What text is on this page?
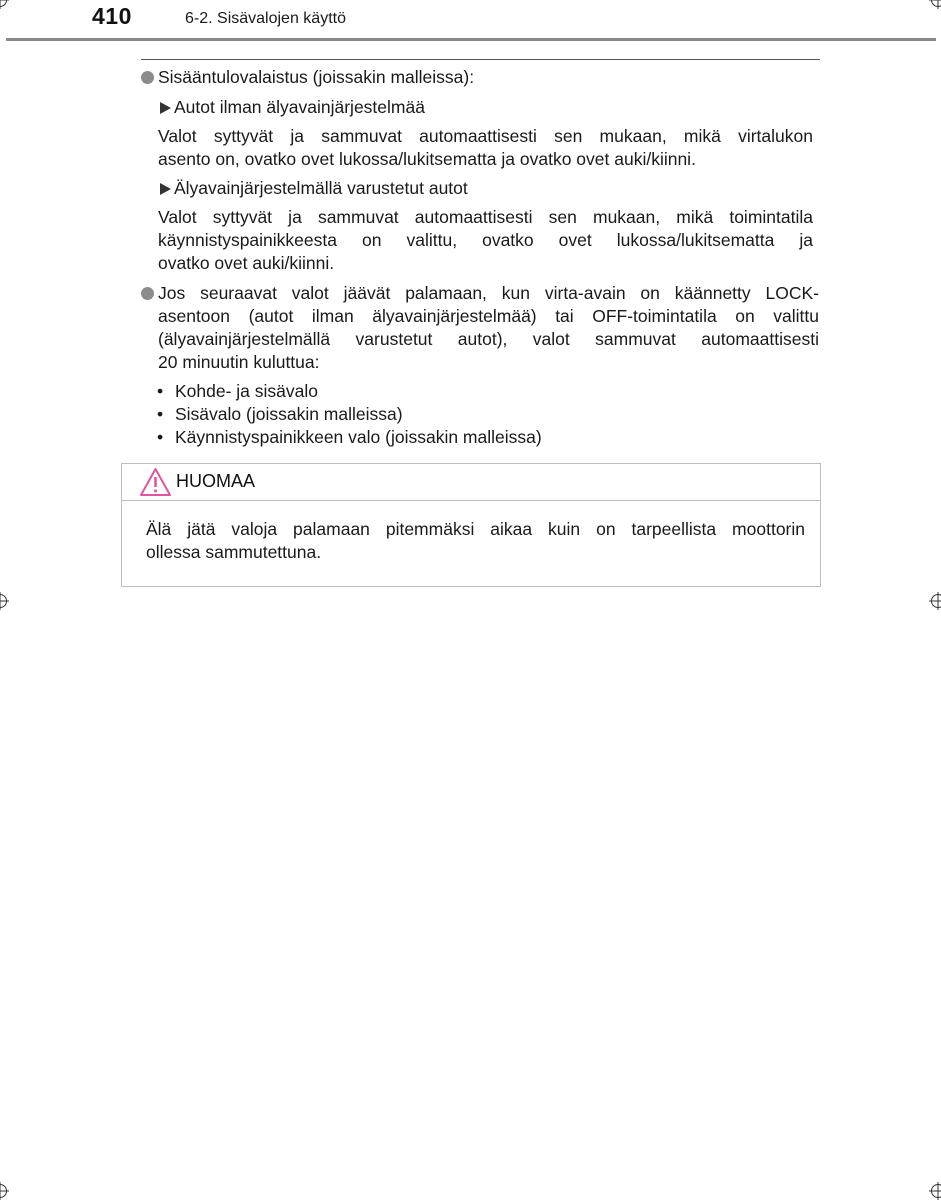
410	6-2. Sisävalojen käyttö
Sisääntulovalaistus (joissakin malleissa):
Autot ilman älyavainjärjestelmää
Valot syttyvät ja sammuvat automaattisesti sen mukaan, mikä virtalukon
asento on, ovatko ovet lukossa/lukitsematta ja ovatko ovet auki/kiinni.
Älyavainjärjestelmällä varustetut autot
Valot syttyvät ja sammuvat automaattisesti sen mukaan, mikä toimintatila
käynnistyspainikkeesta on valittu, ovatko ovet lukossa/lukitsematta ja
ovatko ovet auki/kiinni.
Jos seuraavat valot jäävät palamaan, kun virta-avain on käännetty LOCK-
asentoon (autot ilman älyavainjärjestelmää) tai OFF-toimintatila on valittu
(älyavainjärjestelmällä varustetut autot), valot sammuvat automaattisesti
20 minuutin kuluttua:
• Kohde- ja sisävalo
• Sisävalo (joissakin malleissa)
• Käynnistyspainikkeen valo (joissakin malleissa)
HUOMAA
Älä jätä valoja palamaan pitemmäksi aikaa kuin on tarpeellista moottorin
ollessa sammutettuna.
